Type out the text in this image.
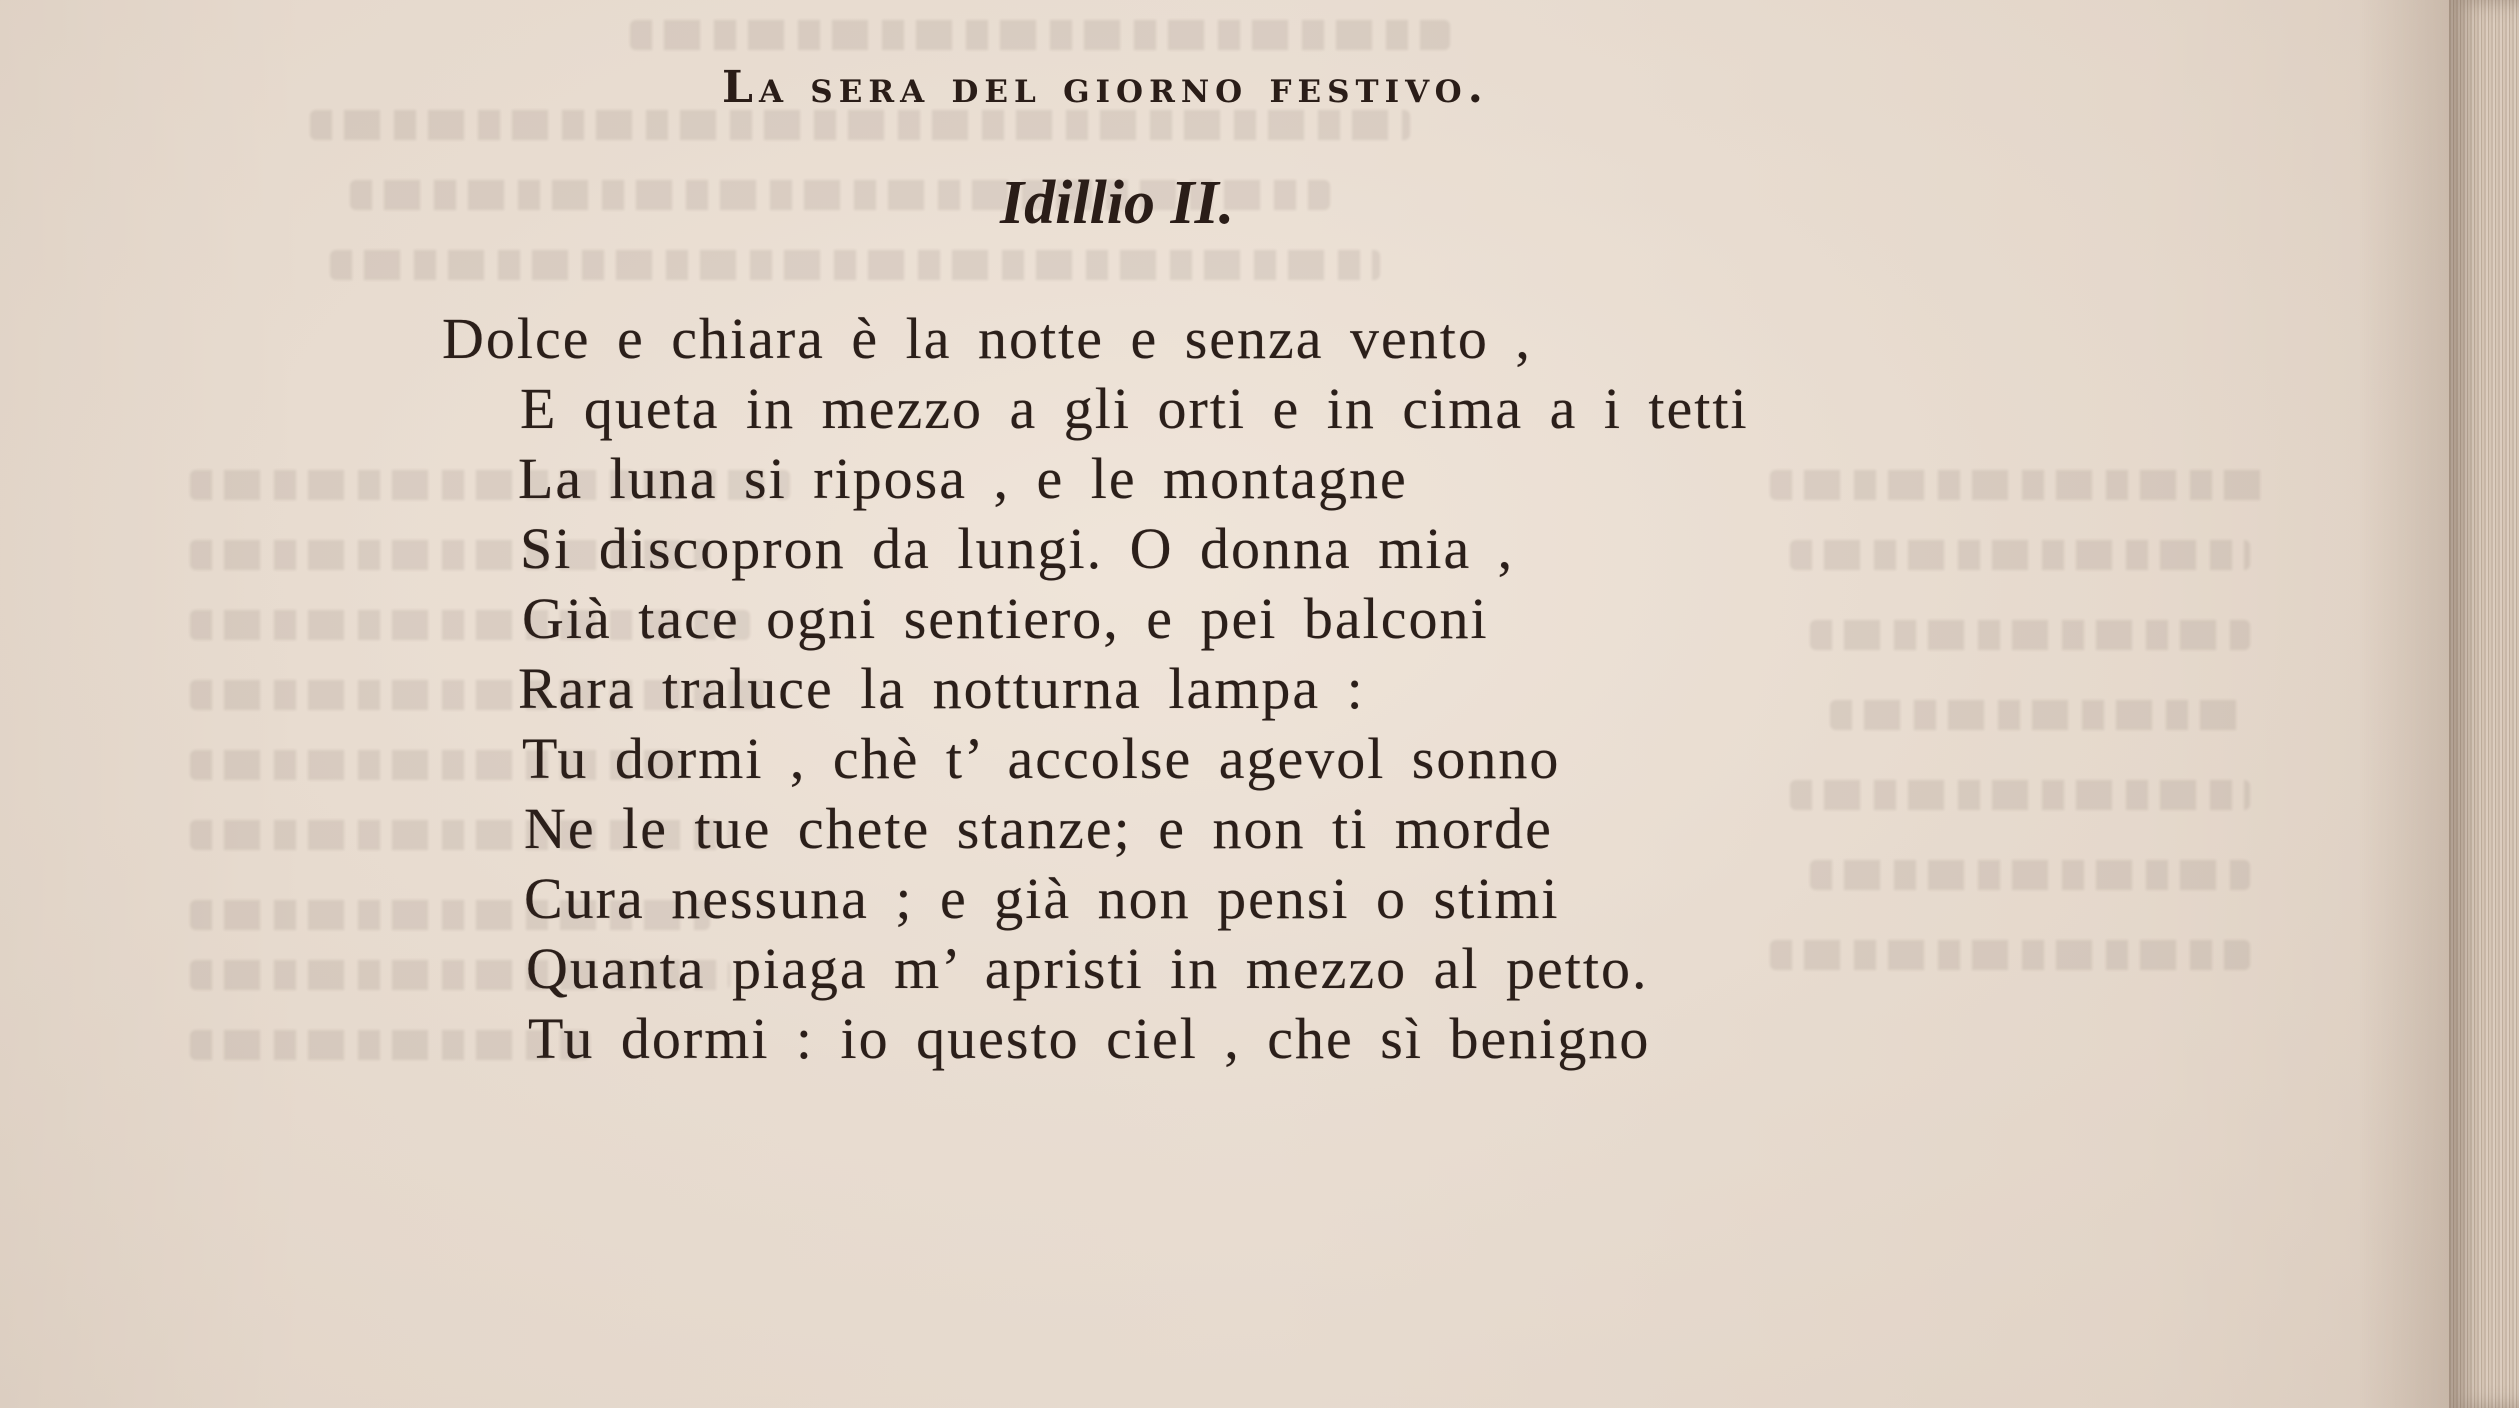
La sera del giorno festivo.
Idillio II.
Dolce e chiara è la notte e senza vento ,
E queta in mezzo a gli orti e in cima a i tetti
La luna si riposa , e le montagne
Si discopron da lungi. O donna mia ,
Già tace ogni sentiero, e pei balconi
Rara traluce la notturna lampa :
Tu dormi , chè t’ accolse agevol sonno
Ne le tue chete stanze; e non ti morde
Cura nessuna ; e già non pensi o stimi
Quanta piaga m’ apristi in mezzo al petto.
Tu dormi : io questo ciel , che sì benigno
